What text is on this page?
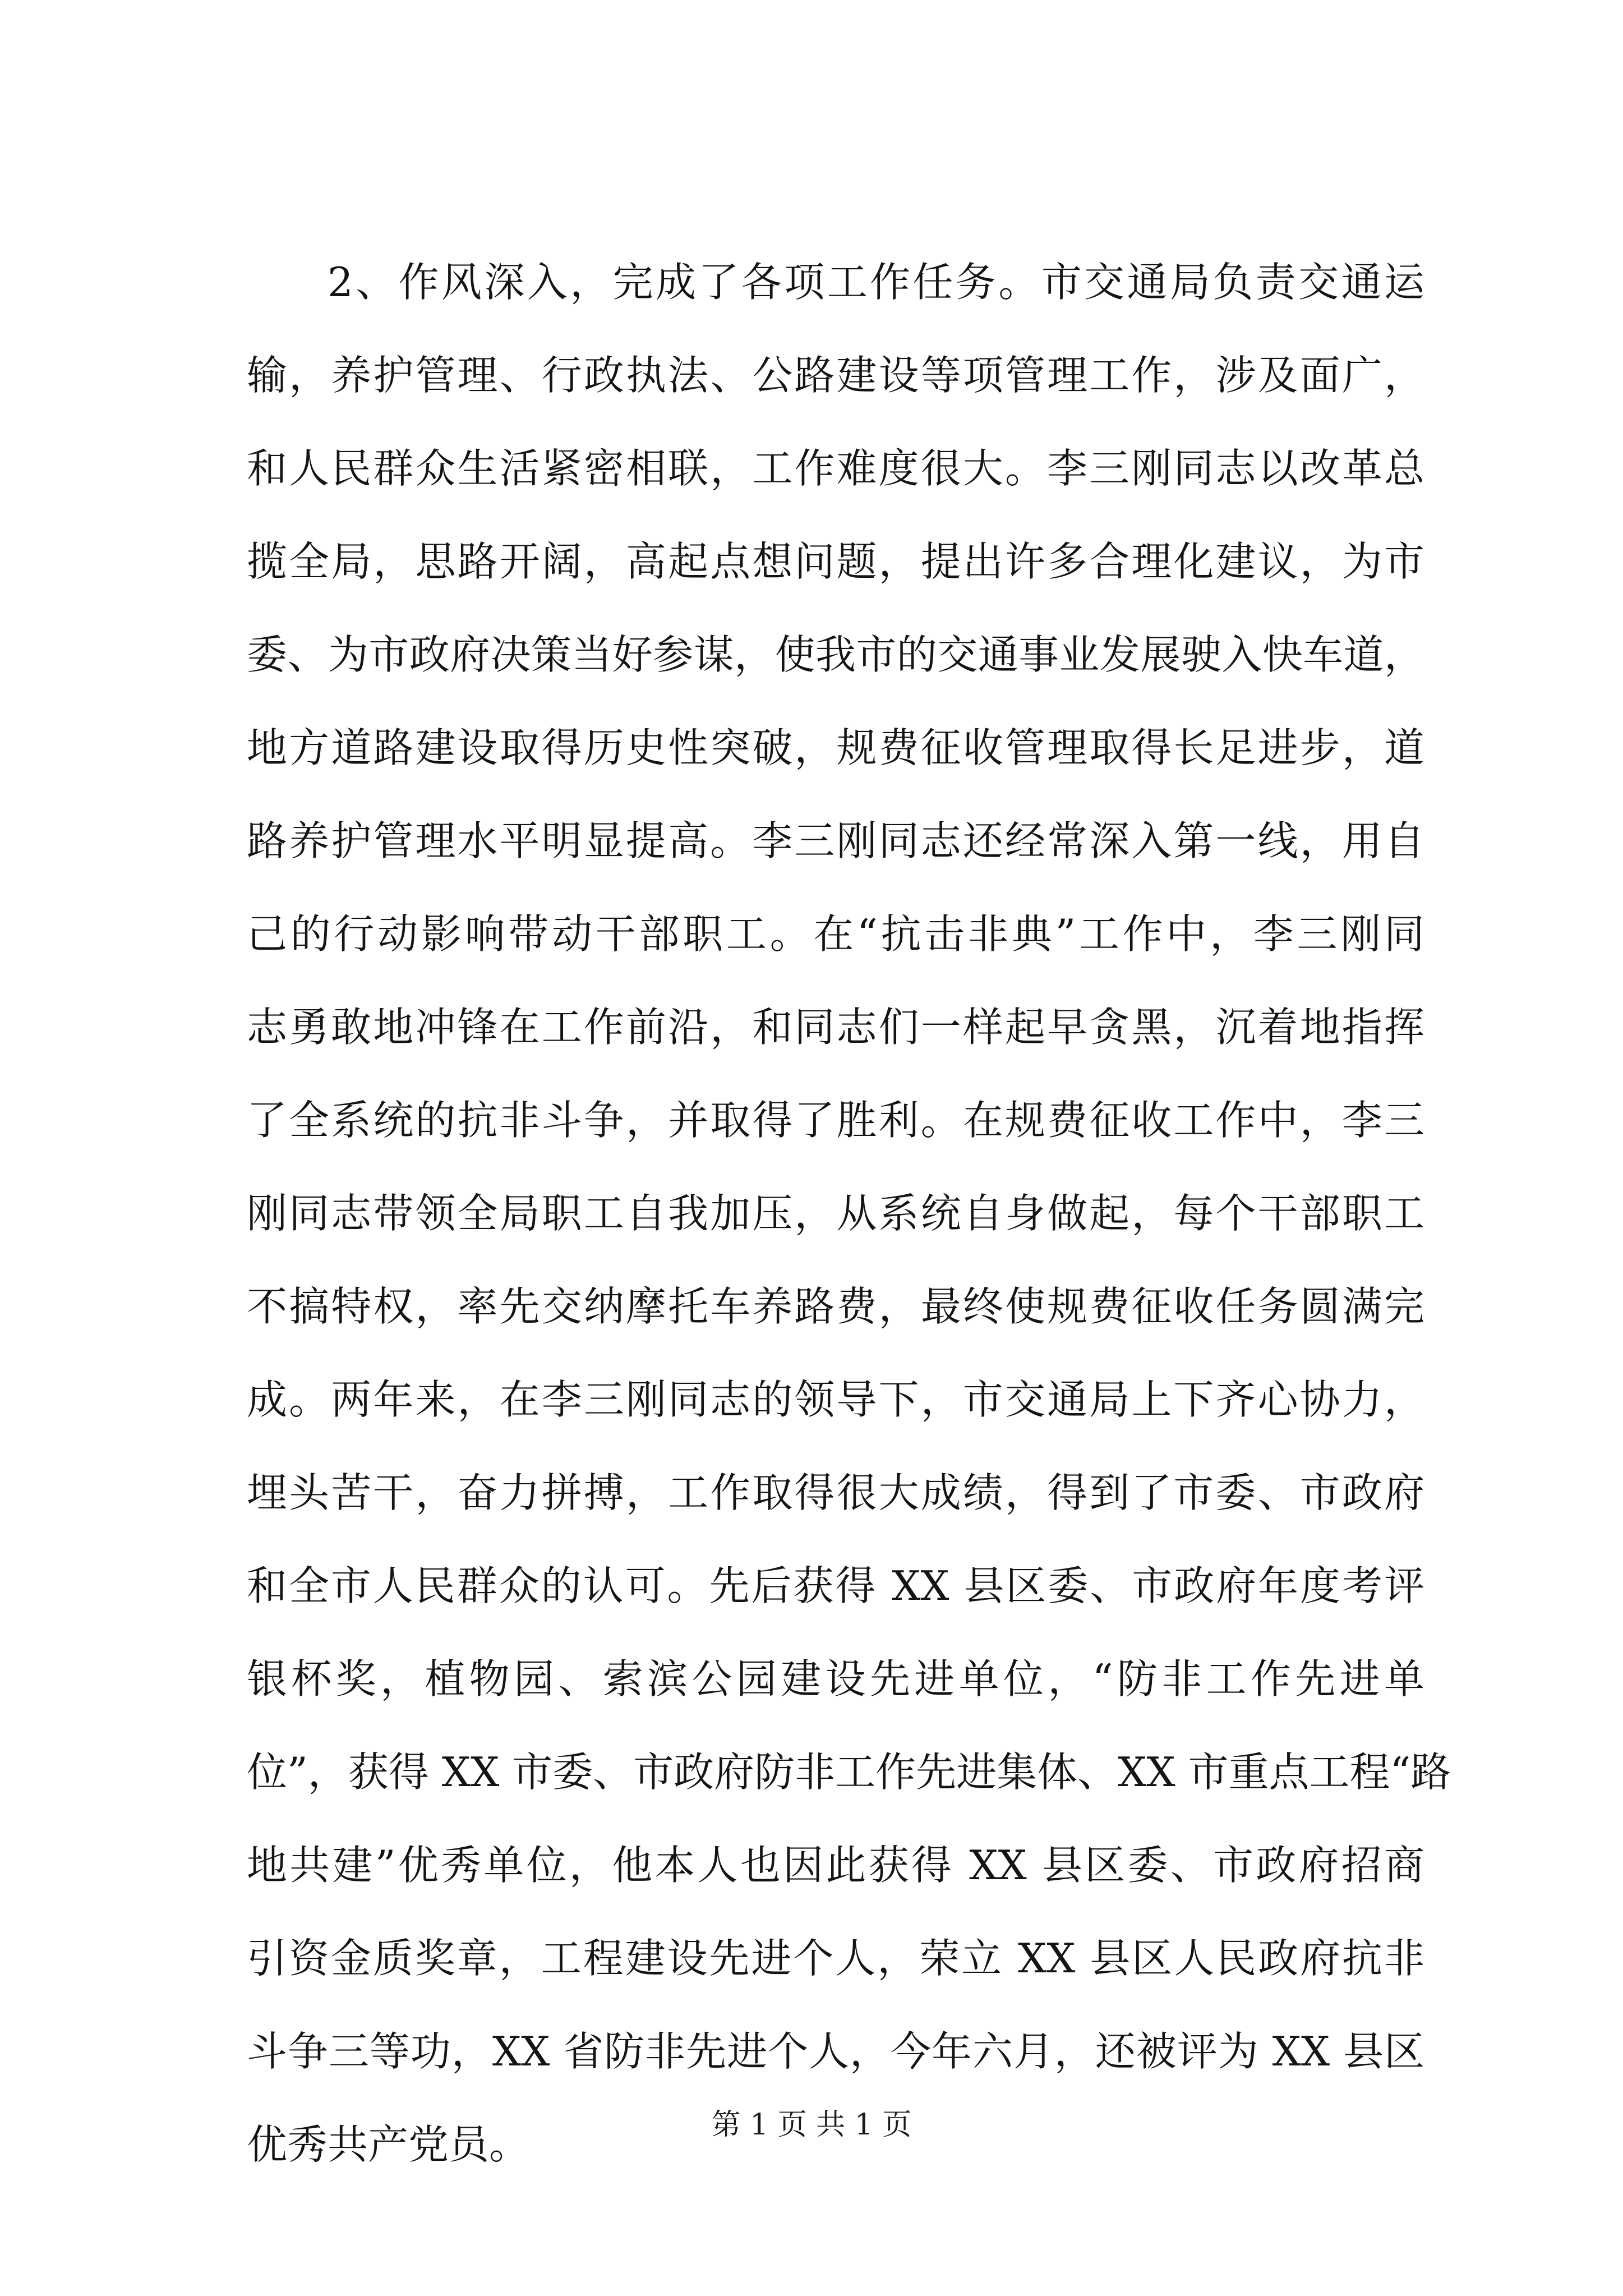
2、作风深入，完成了各项工作任务。市交通局负责交通运
输，养护管理、行政执法、公路建设等项管理工作，涉及面广，
和人民群众生活紧密相联，工作难度很大。李三刚同志以改革总
揽全局，思路开阔，高起点想问题，提出许多合理化建议，为市
委、为市政府决策当好参谋，使我市的交通事业发展驶入快车道，
地方道路建设取得历史性突破，规费征收管理取得长足进步，道
路养护管理水平明显提高。李三刚同志还经常深入第一线，用自
己的行动影响带动干部职工。在“抗击非典”工作中，李三刚同
志勇敢地冲锋在工作前沿，和同志们一样起早贪黑，沉着地指挥
了全系统的抗非斗争，并取得了胜利。在规费征收工作中，李三
刚同志带领全局职工自我加压，从系统自身做起，每个干部职工
不搞特权，率先交纳摩托车养路费，最终使规费征收任务圆满完
成。两年来，在李三刚同志的领导下，市交通局上下齐心协力，
埋头苦干，奋力拼搏，工作取得很大成绩，得到了市委、市政府
和全市人民群众的认可。先后获得 XX 县区委、市政府年度考评
银杯奖，植物园、索滨公园建设先进单位，“防非工作先进单
位”，获得 XX 市委、市政府防非工作先进集体、XX 市重点工程“路
地共建”优秀单位，他本人也因此获得 XX 县区委、市政府招商
引资金质奖章，工程建设先进个人，荣立 XX 县区人民政府抗非
斗争三等功，XX 省防非先进个人，今年六月，还被评为 XX 县区
优秀共产党员。	第 1 页 共 1 页
